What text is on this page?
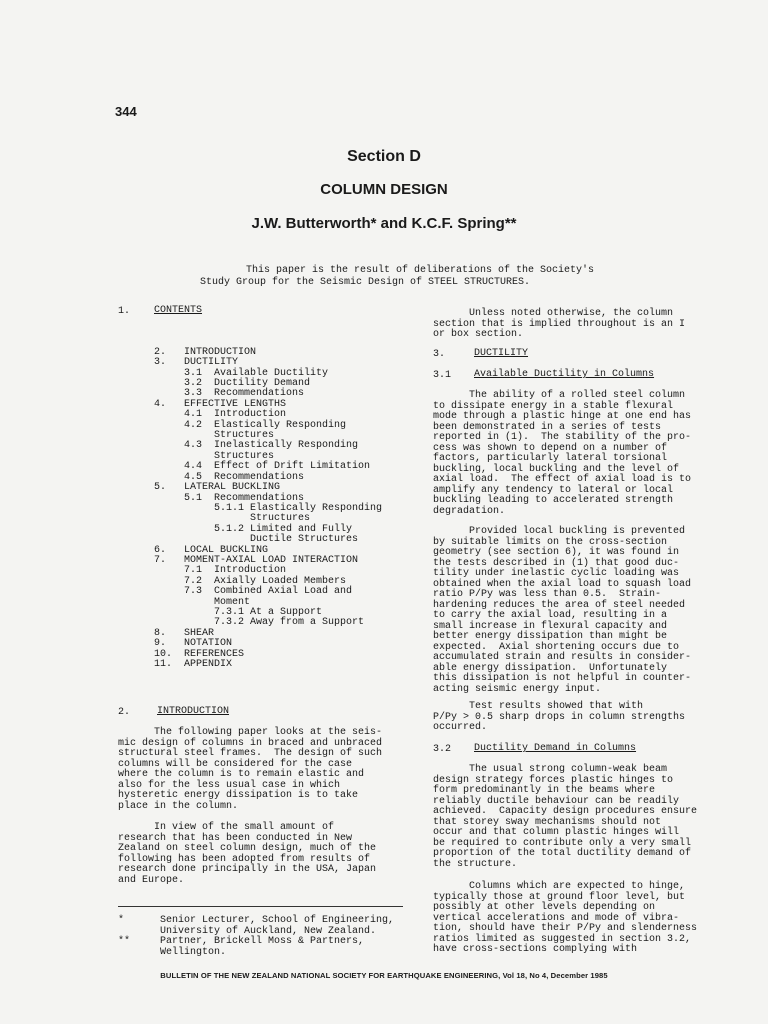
344
Section D
COLUMN DESIGN
J.W. Butterworth* and K.C.F. Spring**
This paper is the result of deliberations of the Society's
Study Group for the Seismic Design of STEEL STRUCTURES.
1. CONTENTS

2.   INTRODUCTION
3.   DUCTILITY
3.1  Available Ductility
3.2  Ductility Demand
3.3  Recommendations
4.   EFFECTIVE LENGTHS
4.1  Introduction
4.2  Elastically Responding
Structures
4.3  Inelastically Responding
Structures
4.4  Effect of Drift Limitation
4.5  Recommendations
5.   LATERAL BUCKLING
5.1  Recommendations
5.1.1 Elastically Responding
Structures
5.1.2 Limited and Fully
Ductile Structures
6.   LOCAL BUCKLING
7.   MOMENT-AXIAL LOAD INTERACTION
7.1  Introduction
7.2  Axially Loaded Members
7.3  Combined Axial Load and
Moment
7.3.1 At a Support
7.3.2 Away from a Support
8.   SHEAR
9.   NOTATION
10.  REFERENCES
11.  APPENDIX
2.	INTRODUCTION
The following paper looks at the seis-
mic design of columns in braced and unbraced
structural steel frames.  The design of such
columns will be considered for the case
where the column is to remain elastic and
also for the less usual case in which
hysteretic energy dissipation is to take
place in the column.
In view of the small amount of
research that has been conducted in New
Zealand on steel column design, much of the
following has been adopted from results of
research done principally in the USA, Japan
and Europe.
*      Senior Lecturer, School of Engineering,
University of Auckland, New Zealand.
**     Partner, Brickell Moss & Partners,
Wellington.
Unless noted otherwise, the column
section that is implied throughout is an I
or box section.
3.	DUCTILITY
3.1 Available Ductility in Columns
The ability of a rolled steel column
to dissipate energy in a stable flexural
mode through a plastic hinge at one end has
been demonstrated in a series of tests
reported in (1).  The stability of the pro-
cess was shown to depend on a number of
factors, particularly lateral torsional
buckling, local buckling and the level of
axial load.  The effect of axial load is to
amplify any tendency to lateral or local
buckling leading to accelerated strength
degradation.
Provided local buckling is prevented
by suitable limits on the cross-section
geometry (see section 6), it was found in
the tests described in (1) that good duc-
tility under inelastic cyclic loading was
obtained when the axial load to squash load
ratio P/Py was less than 0.5.  Strain-
hardening reduces the area of steel needed
to carry the axial load, resulting in a
small increase in flexural capacity and
better energy dissipation than might be
expected.  Axial shortening occurs due to
accumulated strain and results in consider-
able energy dissipation.  Unfortunately
this dissipation is not helpful in counter-
acting seismic energy input.
Test results showed that with
P/Py > 0.5 sharp drops in column strengths
occurred.
3.2 Ductility Demand in Columns
The usual strong column-weak beam
design strategy forces plastic hinges to
form predominantly in the beams where
reliably ductile behaviour can be readily
achieved.  Capacity design procedures ensure
that storey sway mechanisms should not
occur and that column plastic hinges will
be required to contribute only a very small
proportion of the total ductility demand of
the structure.
Columns which are expected to hinge,
typically those at ground floor level, but
possibly at other levels depending on
vertical accelerations and mode of vibra-
tion, should have their P/Py and slenderness
ratios limited as suggested in section 3.2,
have cross-sections complying with
BULLETIN OF THE NEW ZEALAND NATIONAL SOCIETY FOR EARTHQUAKE ENGINEERING, Vol 18, No 4, December 1985
